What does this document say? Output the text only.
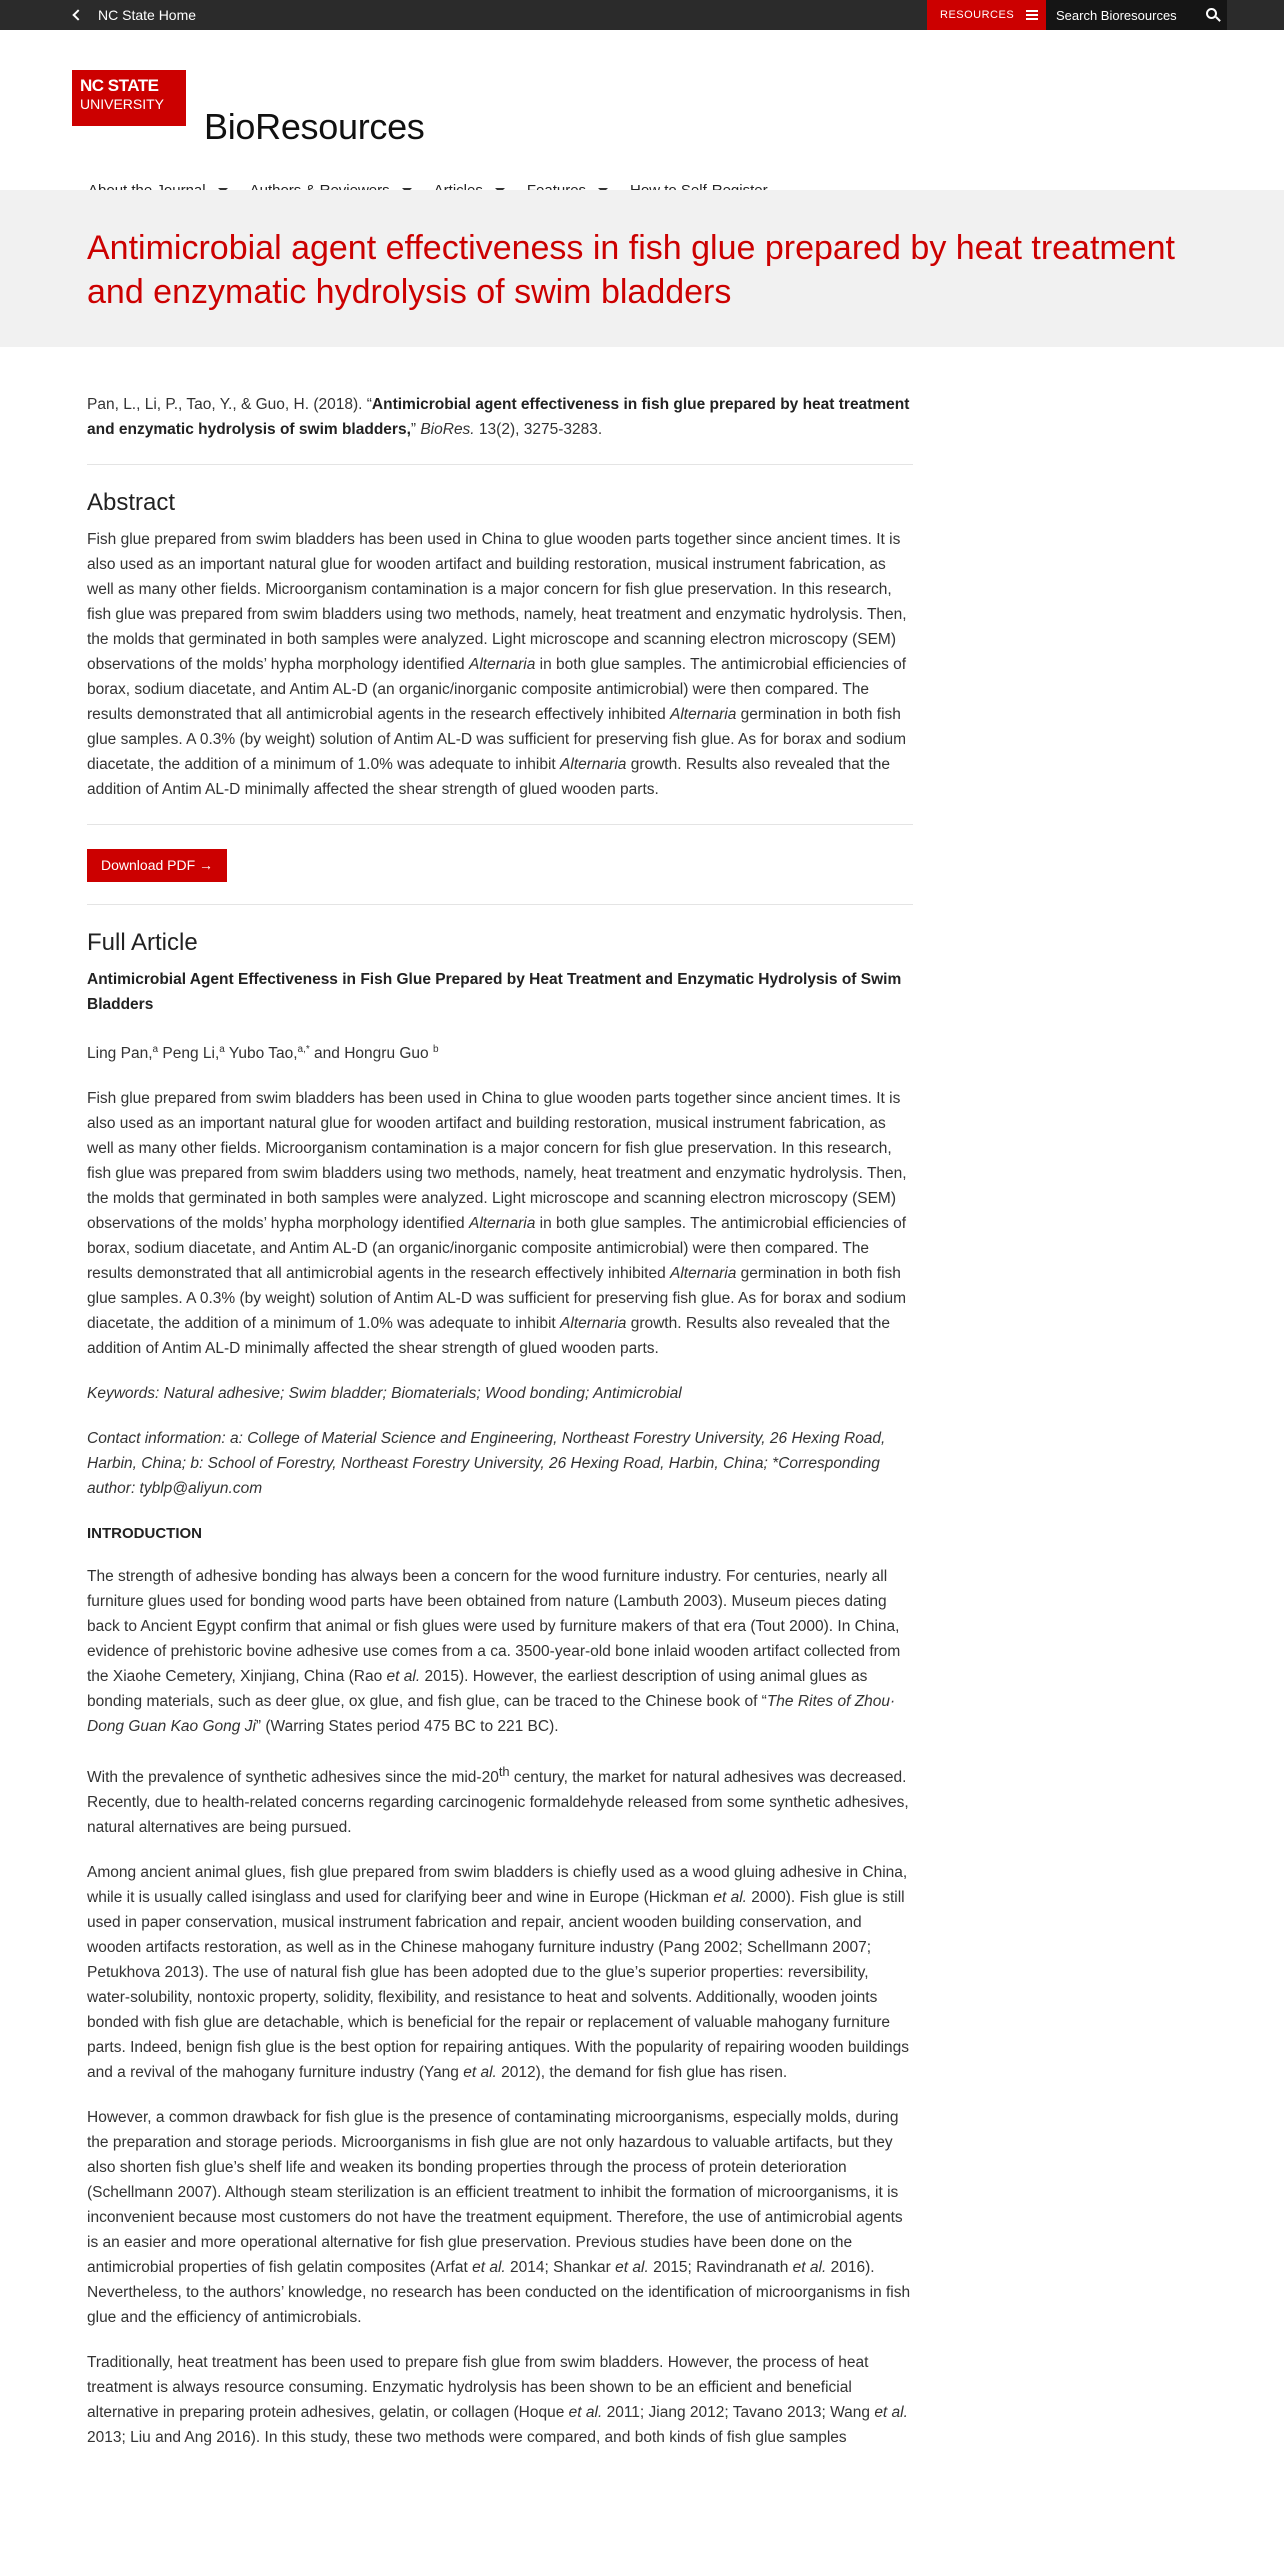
NC State Home	RESOURCES
Search Bioresources
NC STATE
UNIVERSITY
BioResources
Antimicrobial agent effectiveness in fish glue prepared by heat treatment and enzymatic hydrolysis of swim bladders

Pan, L., Li, P., Tao, Y., & Guo, H. (2018). “Antimicrobial agent effectiveness in fish glue prepared by heat treatment and enzymatic hydrolysis of swim bladders,” BioRes. 13(2), 3275-3283.

Abstract

Fish glue prepared from swim bladders has been used in China to glue wooden parts together since ancient times. It is also used as an important natural glue for wooden artifact and building restoration, musical instrument fabrication, as well as many other fields. Microorganism contamination is a major concern for fish glue preservation. In this research, fish glue was prepared from swim bladders using two methods, namely, heat treatment and enzymatic hydrolysis. Then, the molds that germinated in both samples were analyzed. Light microscope and scanning electron microscopy (SEM) observations of the molds’ hypha morphology identified Alternaria in both glue samples. The antimicrobial efficiencies of borax, sodium diacetate, and Antim AL-D (an organic/inorganic composite antimicrobial) were then compared. The results demonstrated that all antimicrobial agents in the research effectively inhibited Alternaria germination in both fish glue samples. A 0.3% (by weight) solution of Antim AL-D was sufficient for preserving fish glue. As for borax and sodium diacetate, the addition of a minimum of 1.0% was adequate to inhibit Alternaria growth. Results also revealed that the addition of Antim AL-D minimally affected the shear strength of glued wooden parts.

Download PDF →
Full Article

Antimicrobial Agent Effectiveness in Fish Glue Prepared by Heat Treatment and Enzymatic Hydrolysis of Swim Bladders

Ling Pan,$^a$ Peng Li,$^a$ Yubo Tao,$^{a,*}$ and Hongru Guo $^b$

Fish glue prepared from swim bladders has been used in China to glue wooden parts together since ancient times. It is also used as an important natural glue for wooden artifact and building restoration, musical instrument fabrication, as well as many other fields. Microorganism contamination is a major concern for fish glue preservation. In this research, fish glue was prepared from swim bladders using two methods, namely, heat treatment and enzymatic hydrolysis. Then, the molds that germinated in both samples were analyzed. Light microscope and scanning electron microscopy (SEM) observations of the molds’ hypha morphology identified Alternaria in both glue samples. The antimicrobial efficiencies of borax, sodium diacetate, and Antim AL-D (an organic/inorganic composite antimicrobial) were then compared. The results demonstrated that all antimicrobial agents in the research effectively inhibited Alternaria germination in both fish glue samples. A 0.3% (by weight) solution of Antim AL-D was sufficient for preserving fish glue. As for borax and sodium diacetate, the addition of a minimum of 1.0% was adequate to inhibit Alternaria growth. Results also revealed that the addition of Antim AL-D minimally affected the shear strength of glued wooden parts.

Keywords: Natural adhesive; Swim bladder; Biomaterials; Wood bonding; Antimicrobial

Contact information: a: College of Material Science and Engineering, Northeast Forestry University, 26 Hexing Road, Harbin, China; b: School of Forestry, Northeast Forestry University, 26 Hexing Road, Harbin, China; *Corresponding author: tyblp@aliyun.com

INTRODUCTION

The strength of adhesive bonding has always been a concern for the wood furniture industry. For centuries, nearly all furniture glues used for bonding wood parts have been obtained from nature (Lambuth 2003). Museum pieces dating back to Ancient Egypt confirm that animal or fish glues were used by furniture makers of that era (Tout 2000). In China, evidence of prehistoric bovine adhesive use comes from a ca. 3500-year-old bone inlaid wooden artifact collected from the Xiaohe Cemetery, Xinjiang, China (Rao et al. 2015). However, the earliest description of using animal glues as bonding materials, such as deer glue, ox glue, and fish glue, can be traced to the Chinese book of “The Rites of Zhou· Dong Guan Kao Gong Ji” (Warring States period 475 BC to 221 BC).

With the prevalence of synthetic adhesives since the mid-20th century, the market for natural adhesives was decreased. Recently, due to health-related concerns regarding carcinogenic formaldehyde released from some synthetic adhesives, natural alternatives are being pursued.

Among ancient animal glues, fish glue prepared from swim bladders is chiefly used as a wood gluing adhesive in China, while it is usually called isinglass and used for clarifying beer and wine in Europe (Hickman et al. 2000). Fish glue is still used in paper conservation, musical instrument fabrication and repair, ancient wooden building conservation, and wooden artifacts restoration, as well as in the Chinese mahogany furniture industry (Pang 2002; Schellmann 2007; Petukhova 2013). The use of natural fish glue has been adopted due to the glue’s superior properties: reversibility, water-solubility, nontoxic property, solidity, flexibility, and resistance to heat and solvents. Additionally, wooden joints bonded with fish glue are detachable, which is beneficial for the repair or replacement of valuable mahogany furniture parts. Indeed, benign fish glue is the best option for repairing antiques. With the popularity of repairing wooden buildings and a revival of the mahogany furniture industry (Yang et al. 2012), the demand for fish glue has risen.

However, a common drawback for fish glue is the presence of contaminating microorganisms, especially molds, during the preparation and storage periods. Microorganisms in fish glue are not only hazardous to valuable artifacts, but they also shorten fish glue’s shelf life and weaken its bonding properties through the process of protein deterioration (Schellmann 2007). Although steam sterilization is an efficient treatment to inhibit the formation of microorganisms, it is inconvenient because most customers do not have the treatment equipment. Therefore, the use of antimicrobial agents is an easier and more operational alternative for fish glue preservation. Previous studies have been done on the antimicrobial properties of fish gelatin composites (Arfat et al. 2014; Shankar et al. 2015; Ravindranath et al. 2016). Nevertheless, to the authors’ knowledge, no research has been conducted on the identification of microorganisms in fish glue and the efficiency of antimicrobials.

Traditionally, heat treatment has been used to prepare fish glue from swim bladders. However, the process of heat treatment is always resource consuming. Enzymatic hydrolysis has been shown to be an efficient and beneficial alternative in preparing protein adhesives, gelatin, or collagen (Hoque et al. 2011; Jiang 2012; Tavano 2013; Wang et al. 2013; Liu and Ang 2016). In this study, these two methods were compared, and both kinds of fish glue samples
